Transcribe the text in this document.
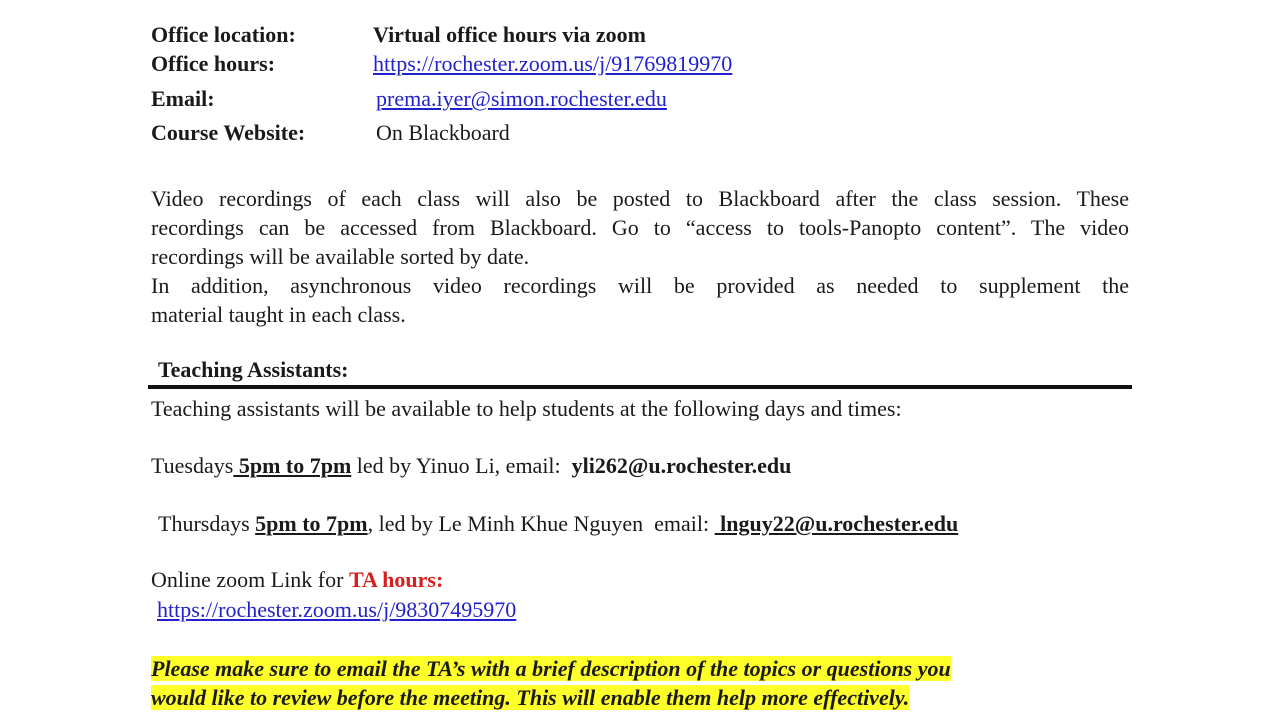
Office location:	Virtual office hours via zoom
Office hours:	https://rochester.zoom.us/j/91769819970
Email:	prema.iyer@simon.rochester.edu
Course Website:	On Blackboard
Video recordings of each class will also be posted to Blackboard after the class session. These
recordings can be accessed from Blackboard. Go to “access to tools-Panopto content”. The video
recordings will be available sorted by date.
In addition, asynchronous video recordings will be provided as needed to supplement the
material taught in each class.
Teaching Assistants:
Teaching assistants will be available to help students at the following days and times:
Tuesdays 5pm to 7pm led by Yinuo Li, email:  yli262@u.rochester.edu
Thursdays 5pm to 7pm, led by Le Minh Khue Nguyen  email:  lnguy22@u.rochester.edu
Online zoom Link for TA hours:
https://rochester.zoom.us/j/98307495970
Please make sure to email the TA’s with a brief description of the topics or questions you
would like to review before the meeting. This will enable them help more effectively.
